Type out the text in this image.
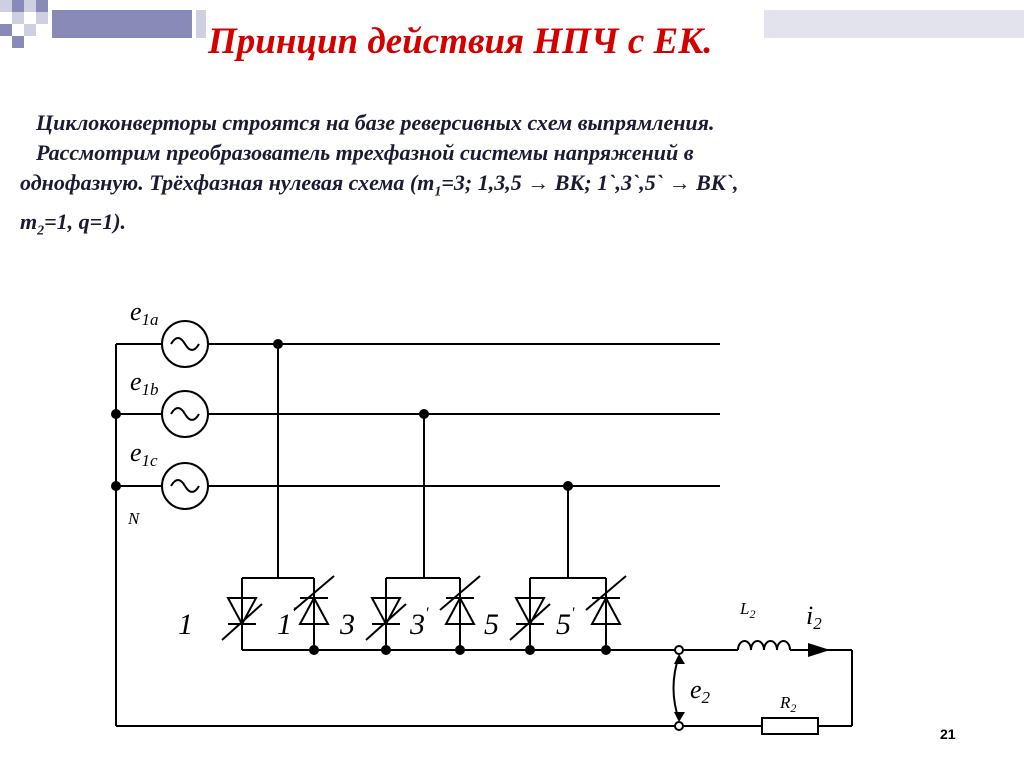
Принцип действия НПЧ с ЕК.

Циклоконверторы строятся на базе реверсивных схем выпрямления.

Рассмотрим преобразователь трехфазной системы напряжений в

однофазную. Трёхфазная нулевая схема ($m_1=3$; 1,3,5 → ВК; 1`,3`,5` → ВК`,

$m_2=1$, q=1).

e1a
e1b
e1c
N
1	1' 3 3' 5 5'	$L_2$ i2
e2	$R_2$
21
